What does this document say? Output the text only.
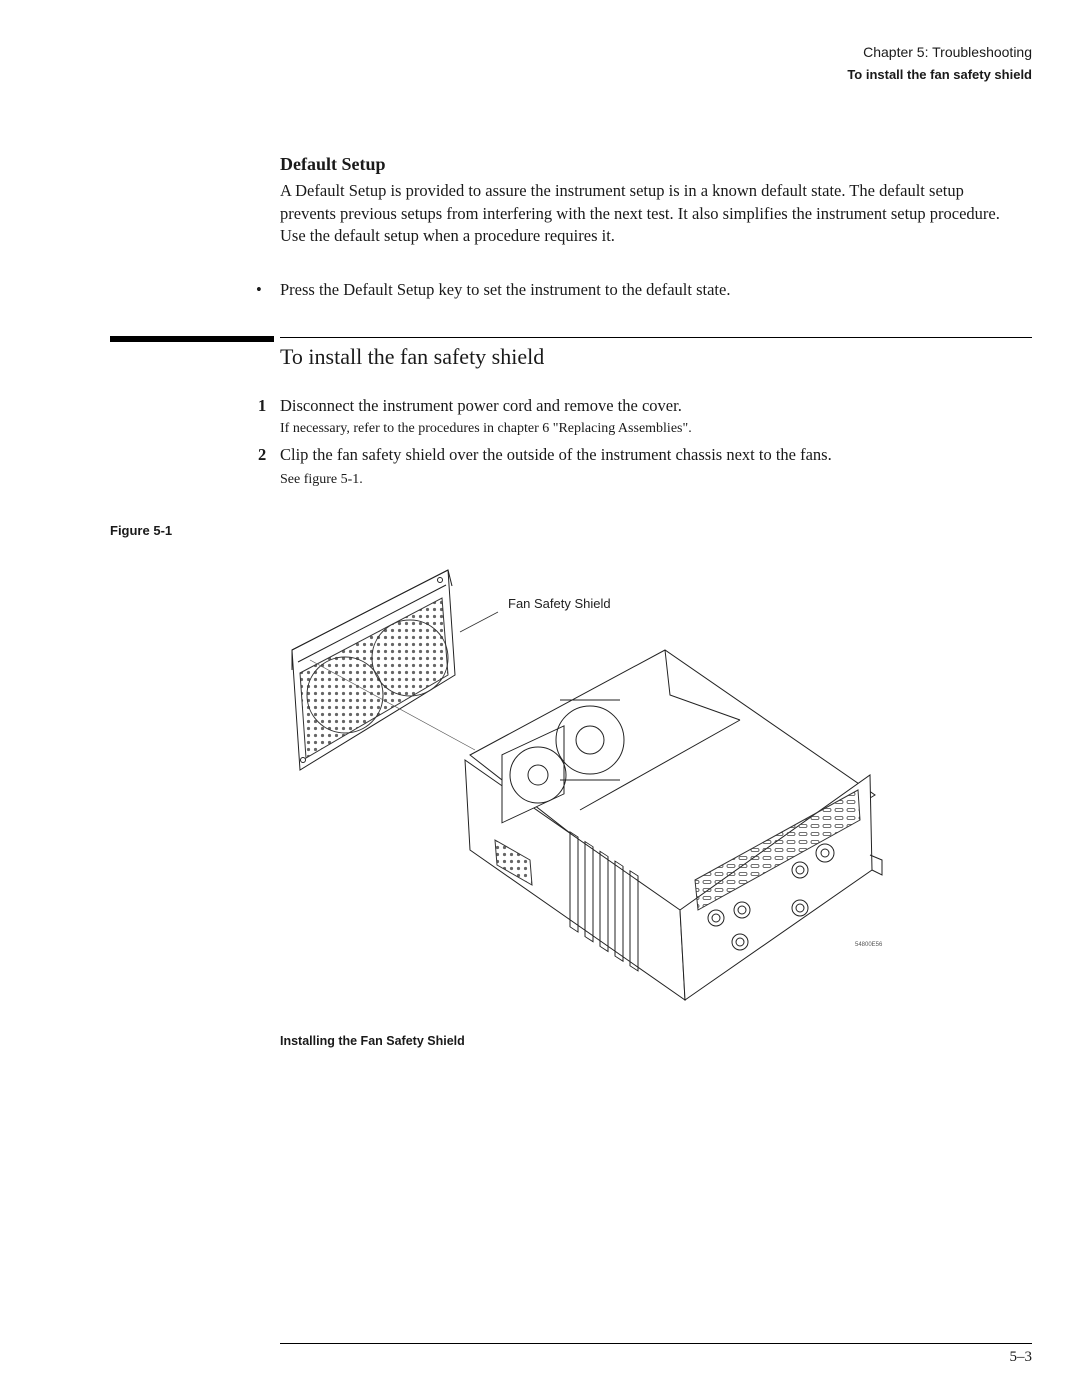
Chapter 5: Troubleshooting
To install the fan safety shield
Default Setup
A Default Setup is provided to assure the instrument setup is in a known default state. The default setup prevents previous setups from interfering with the next test. It also simplifies the instrument setup procedure. Use the default setup when a procedure requires it.
• Press the Default Setup key to set the instrument to the default state.
To install the fan safety shield
1 Disconnect the instrument power cord and remove the cover.
If necessary, refer to the procedures in chapter 6 "Replacing Assemblies".
2 Clip the fan safety shield over the outside of the instrument chassis next to the fans.
See figure 5-1.
Figure 5-1
Fan Safety Shield
54800E56
Installing the Fan Safety Shield
5–3
